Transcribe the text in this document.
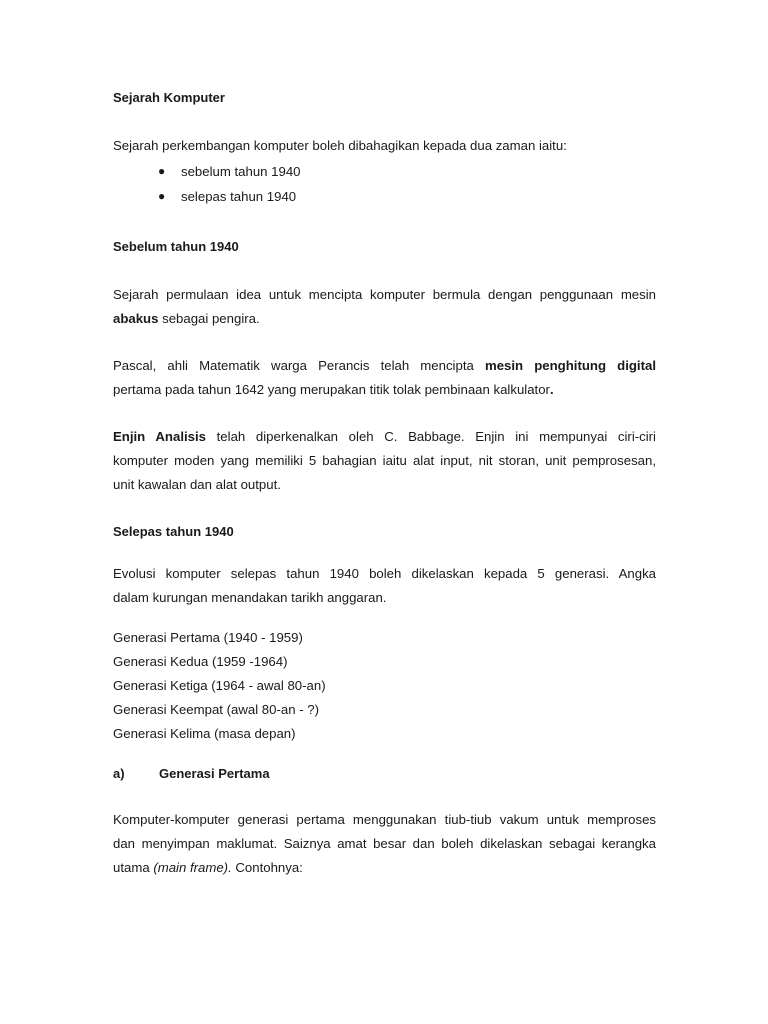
Sejarah Komputer

Sejarah perkembangan komputer boleh dibahagikan kepada dua zaman iaitu:

● sebelum tahun 1940
● selepas tahun 1940

Sebelum tahun 1940

Sejarah permulaan idea untuk mencipta komputer bermula dengan penggunaan mesin
abakus sebagai pengira.

Pascal, ahli Matematik warga Perancis telah mencipta mesin penghitung digital
pertama pada tahun 1642 yang merupakan titik tolak pembinaan kalkulator.

Enjin Analisis telah diperkenalkan oleh C. Babbage. Enjin ini mempunyai ciri-ciri
komputer moden yang memiliki 5 bahagian iaitu alat input, nit storan, unit pemprosesan,
unit kawalan dan alat output.

Selepas tahun 1940

Evolusi komputer selepas tahun 1940 boleh dikelaskan kepada 5 generasi. Angka
dalam kurungan menandakan tarikh anggaran.

Generasi Pertama (1940 - 1959)
Generasi Kedua (1959 -1964)
Generasi Ketiga (1964 - awal 80-an)
Generasi Keempat (awal 80-an - ?)
Generasi Kelima (masa depan)
a)	Generasi Pertama

Komputer-komputer generasi pertama menggunakan tiub-tiub vakum untuk memproses
dan menyimpan maklumat. Saiznya amat besar dan boleh dikelaskan sebagai kerangka
utama (main frame). Contohnya:
